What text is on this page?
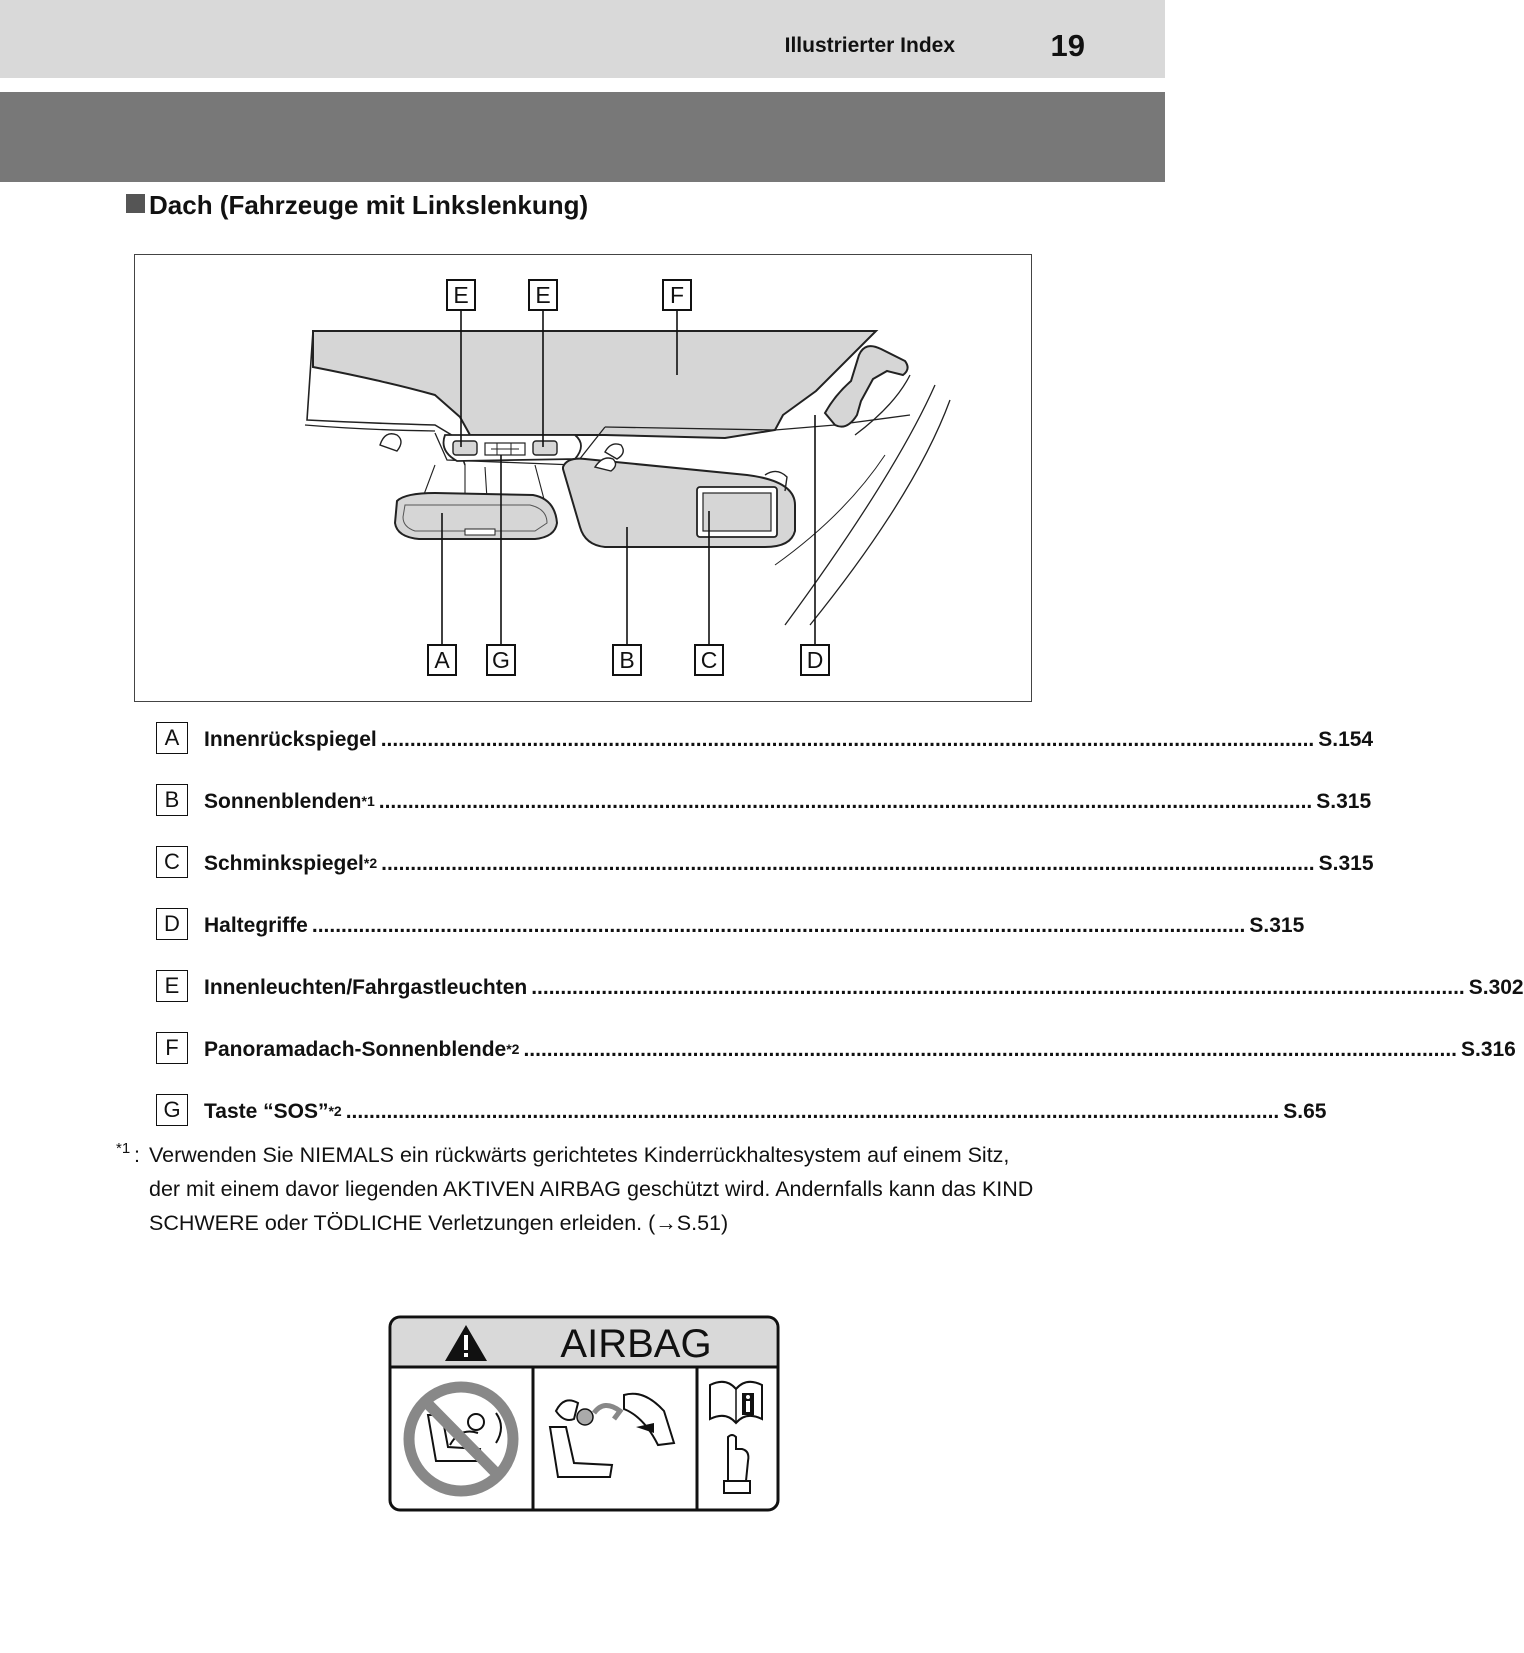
Illustrierter Index	19
Dach (Fahrzeuge mit Linkslenkung)
E	E	F
A	G	B	C	D
A	Innenrückspiegel ................................................................................................................................................................ S.154
B	Sonnenblenden$^{*1}$ ................................................................................................................................................................ S.315
C	Schminkspiegel$^{*2}$ ................................................................................................................................................................ S.315
D	Haltegriffe ................................................................................................................................................................ S.315
E	Innenleuchten/Fahrgastleuchten ................................................................................................................................................................ S.302
F	Panoramadach-Sonnenblende$^{*2}$ ................................................................................................................................................................ S.316
G	Taste “SOS”$^{*2}$ ................................................................................................................................................................ S.65
*1 : Verwenden Sie NIEMALS ein rückwärts gerichtetes Kinderrückhaltesystem auf einem Sitz, der mit einem davor liegenden AKTIVEN AIRBAG geschützt wird. Andernfalls kann das KIND SCHWERE oder TÖDLICHE Verletzungen erleiden. (→S.51)
AIRBAG
